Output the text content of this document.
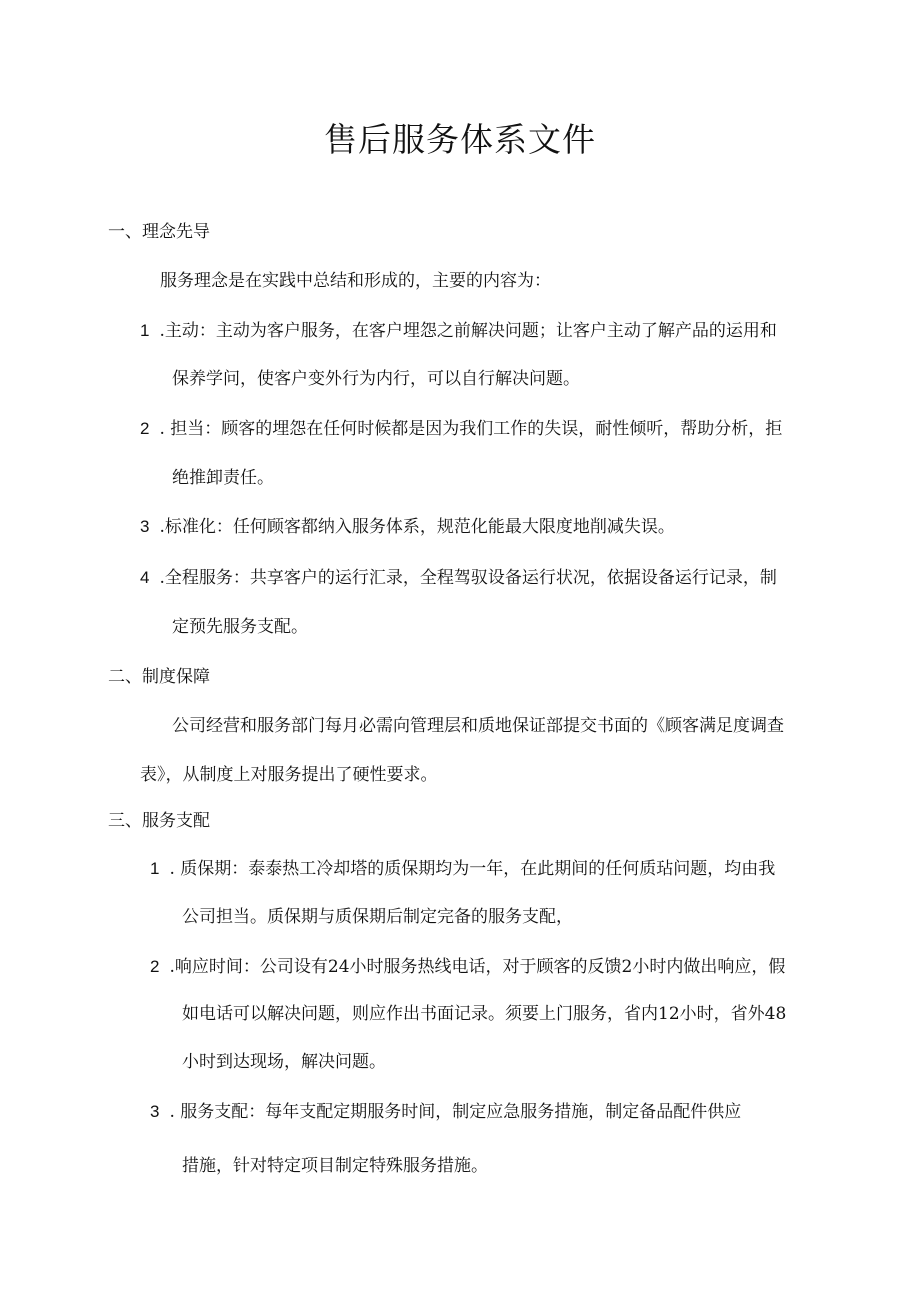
售后服务体系文件

一、理念先导

服务理念是在实践中总结和形成的，主要的内容为：

1 .主动：主动为客户服务，在客户埋怨之前解决问题；让客户主动了解产品的运用和

保养学问，使客户变外行为内行，可以自行解决问题。

2 . 担当：顾客的埋怨在任何时候都是因为我们工作的失误，耐性倾听，帮助分析，拒

绝推卸责任。

3 .标准化：任何顾客都纳入服务体系，规范化能最大限度地削减失误。

4 .全程服务：共享客户的运行汇录，全程驾驭设备运行状况，依据设备运行记录，制

定预先服务支配。

二、制度保障

公司经营和服务部门每月必需向管理层和质地保证部提交书面的《顾客满足度调查

表》，从制度上对服务提出了硬性要求。

三、服务支配

1 . 质保期：泰泰热工冷却塔的质保期均为一年，在此期间的任何质玷问题，均由我

公司担当。质保期与质保期后制定完备的服务支配，

2 .响应时间：公司设有24小时服务热线电话，对于顾客的反馈2小时内做出响应，假

如电话可以解决问题，则应作出书面记录。须要上门服务，省内12小时，省外48

小时到达现场，解决问题。

3 . 服务支配：每年支配定期服务时间，制定应急服务措施，制定备品配件供应

措施，针对特定项目制定特殊服务措施。
